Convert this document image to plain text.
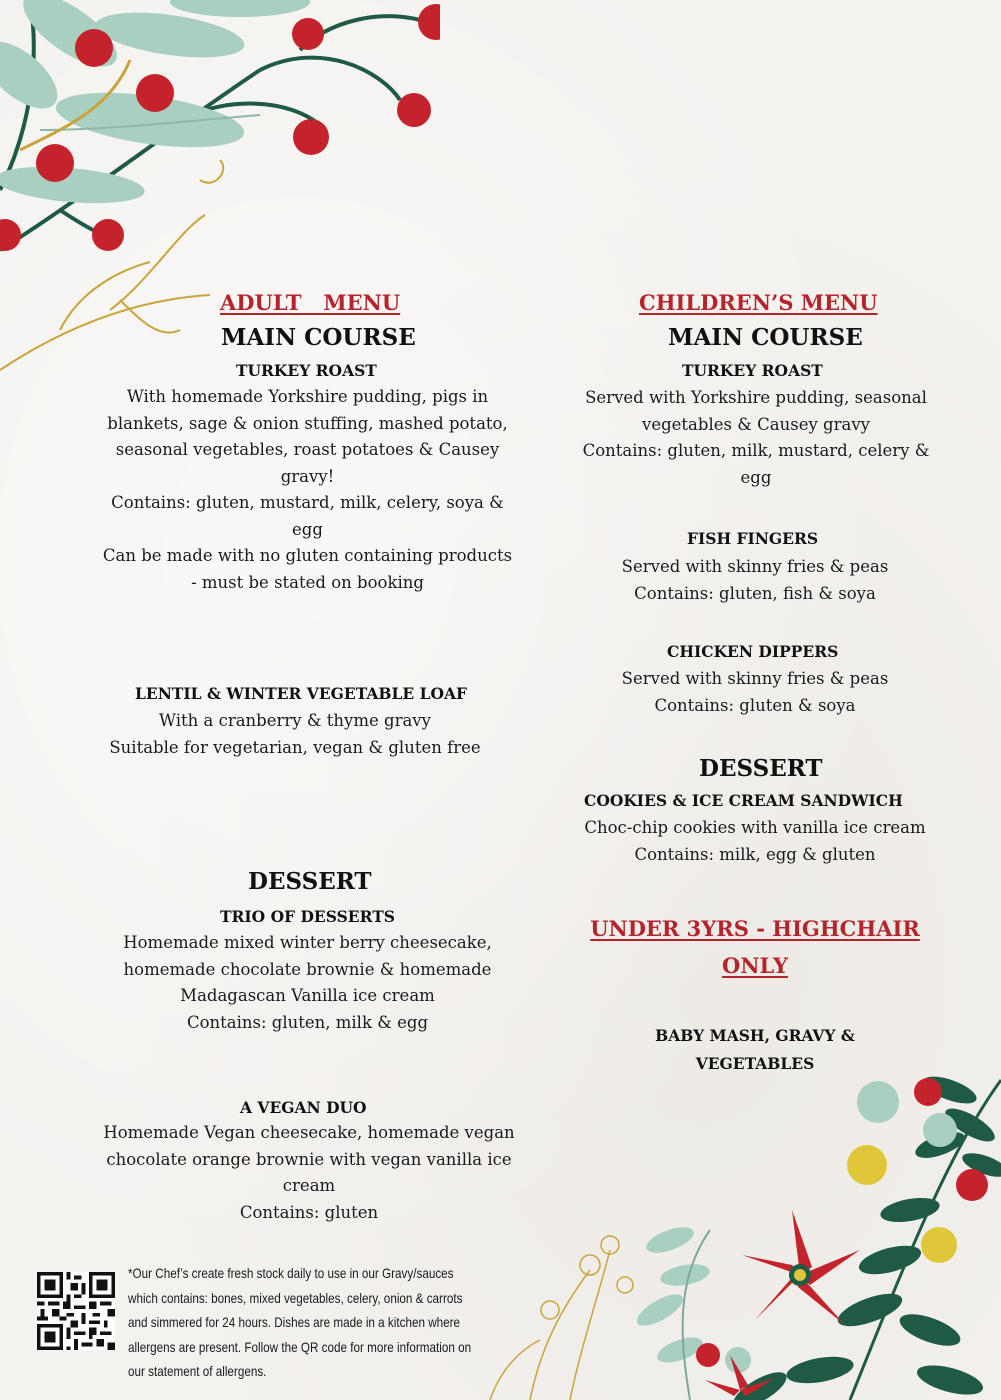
ADULT   MENU
MAIN COURSE
TURKEY ROAST
With homemade Yorkshire pudding, pigs in
blankets, sage & onion stuffing, mashed potato,
seasonal vegetables, roast potatoes & Causey
gravy!
Contains: gluten, mustard, milk, celery, soya &
egg
Can be made with no gluten containing products
- must be stated on booking
LENTIL & WINTER VEGETABLE LOAF
With a cranberry & thyme gravy
Suitable for vegetarian, vegan & gluten free
DESSERT
TRIO OF DESSERTS
Homemade mixed winter berry cheesecake,
homemade chocolate brownie & homemade
Madagascan Vanilla ice cream
Contains: gluten, milk & egg
A VEGAN DUO
Homemade Vegan cheesecake, homemade vegan
chocolate orange brownie with vegan vanilla ice
cream
Contains: gluten
CHILDREN’S MENU
MAIN COURSE
TURKEY ROAST
Served with Yorkshire pudding, seasonal
vegetables & Causey gravy
Contains: gluten, milk, mustard, celery &
egg
FISH FINGERS
Served with skinny fries & peas
Contains: gluten, fish & soya
CHICKEN DIPPERS
Served with skinny fries & peas
Contains: gluten & soya
DESSERT
COOKIES & ICE CREAM SANDWICH
Choc-chip cookies with vanilla ice cream
Contains: milk, egg & gluten
UNDER 3YRS - HIGHCHAIR
ONLY
BABY MASH, GRAVY &
VEGETABLES
*Our Chef’s create fresh stock daily to use in our Gravy/sauces
which contains: bones, mixed vegetables, celery, onion & carrots
and simmered for 24 hours. Dishes are made in a kitchen where
allergens are present. Follow the QR code for more information on
our statement of allergens.
